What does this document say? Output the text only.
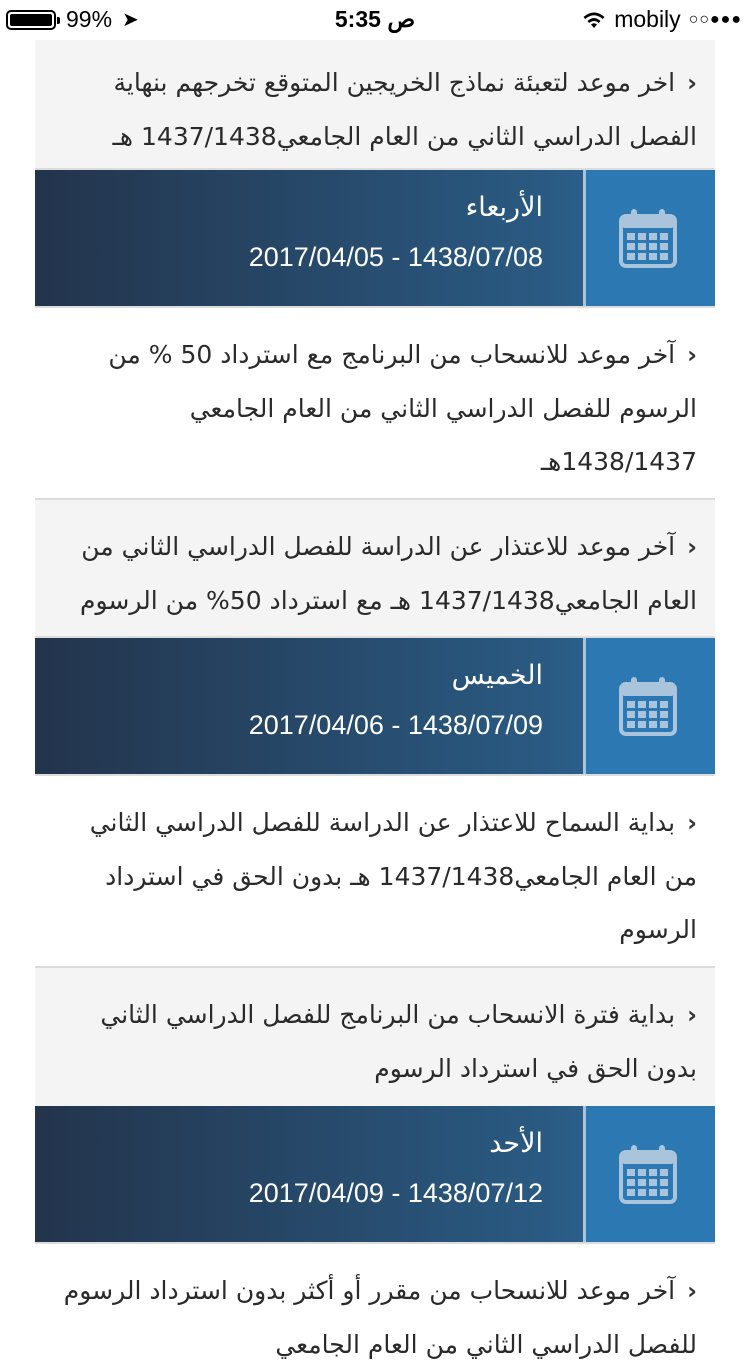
99% ➤	5:35 ص	mobily ○○●●●
‹اخر موعد لتعبئة نماذج الخريجين المتوقع تخرجهم بنهاية الفصل الدراسي الثاني من العام الجامعي1437/1438 هـ
الأربعاء
2017/04/05 - 1438/07/08
‹آخر موعد للانسحاب من البرنامج مع استرداد 50 % من الرسوم للفصل الدراسي الثاني من العام الجامعي 1438/1437هـ
‹آخر موعد للاعتذار عن الدراسة للفصل الدراسي الثاني من العام الجامعي1437/1438 هـ مع استرداد 50% من الرسوم
الخميس
2017/04/06 - 1438/07/09
‹بداية السماح للاعتذار عن الدراسة للفصل الدراسي الثاني من العام الجامعي1437/1438 هـ بدون الحق في استرداد الرسوم
‹بداية فترة الانسحاب من البرنامج للفصل الدراسي الثاني بدون الحق في استرداد الرسوم
الأحد
2017/04/09 - 1438/07/12
‹آخر موعد للانسحاب من مقرر أو أكثر بدون استرداد الرسوم للفصل الدراسي الثاني من العام الجامعي
